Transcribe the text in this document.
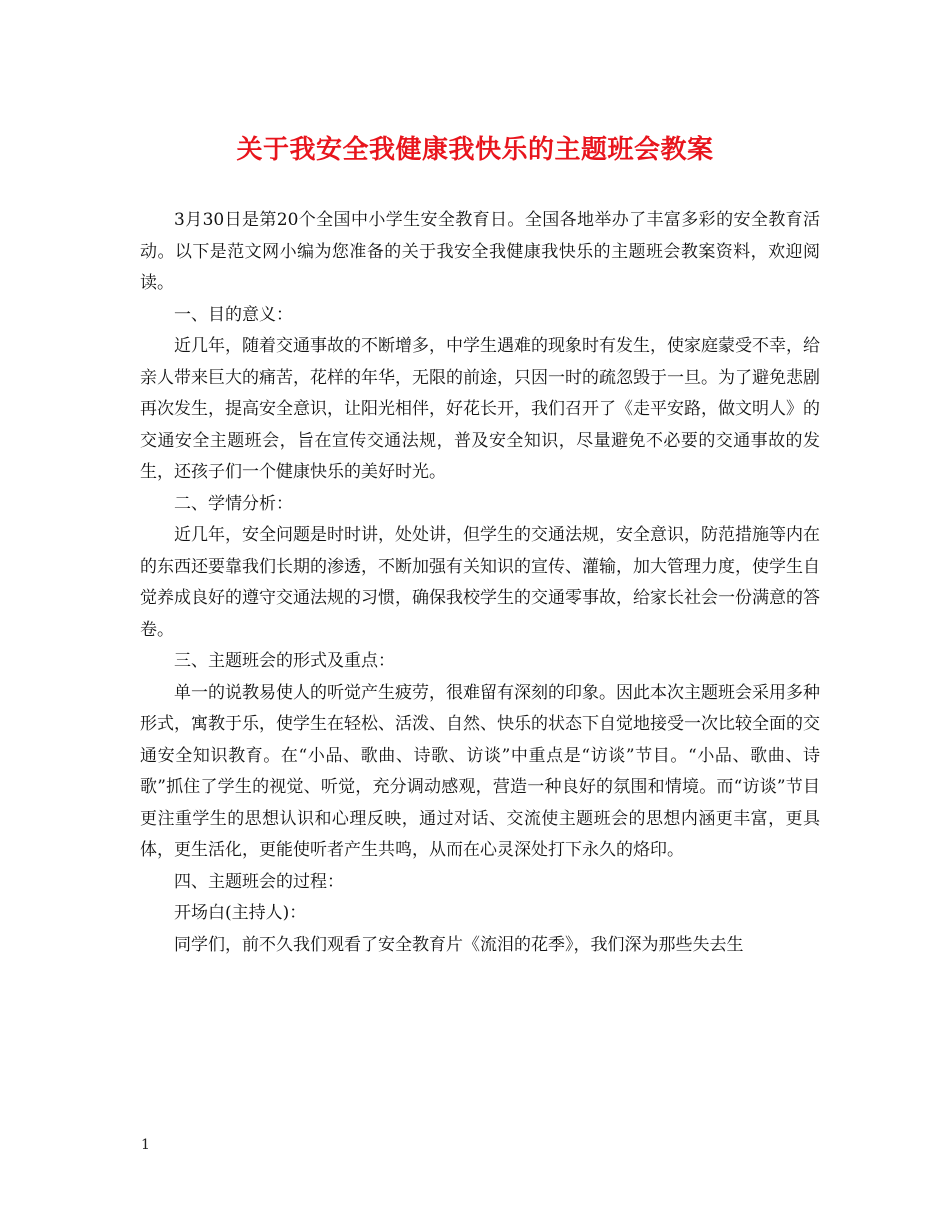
关于我安全我健康我快乐的主题班会教案

3月30日是第20个全国中小学生安全教育日。全国各地举办了丰富多彩的安全教育活动。以下是范文网小编为您准备的关于我安全我健康我快乐的主题班会教案资料，欢迎阅读。

一、目的意义：

近几年，随着交通事故的不断增多，中学生遇难的现象时有发生，使家庭蒙受不幸，给亲人带来巨大的痛苦，花样的年华，无限的前途，只因一时的疏忽毁于一旦。为了避免悲剧再次发生，提高安全意识，让阳光相伴，好花长开，我们召开了《走平安路，做文明人》的交通安全主题班会，旨在宣传交通法规，普及安全知识，尽量避免不必要的交通事故的发生，还孩子们一个健康快乐的美好时光。

二、学情分析：

近几年，安全问题是时时讲，处处讲，但学生的交通法规，安全意识，防范措施等内在的东西还要靠我们长期的渗透，不断加强有关知识的宣传、灌输，加大管理力度，使学生自觉养成良好的遵守交通法规的习惯，确保我校学生的交通零事故，给家长社会一份满意的答卷。

三、主题班会的形式及重点：

单一的说教易使人的听觉产生疲劳，很难留有深刻的印象。因此本次主题班会采用多种形式，寓教于乐，使学生在轻松、活泼、自然、快乐的状态下自觉地接受一次比较全面的交通安全知识教育。在“小品、歌曲、诗歌、访谈”中重点是“访谈”节目。“小品、歌曲、诗歌”抓住了学生的视觉、听觉，充分调动感观，营造一种良好的氛围和情境。而“访谈”节目更注重学生的思想认识和心理反映，通过对话、交流使主题班会的思想内涵更丰富，更具体，更生活化，更能使听者产生共鸣，从而在心灵深处打下永久的烙印。

四、主题班会的过程：

开场白(主持人)：

同学们，前不久我们观看了安全教育片《流泪的花季》，我们深为那些失去生

1
